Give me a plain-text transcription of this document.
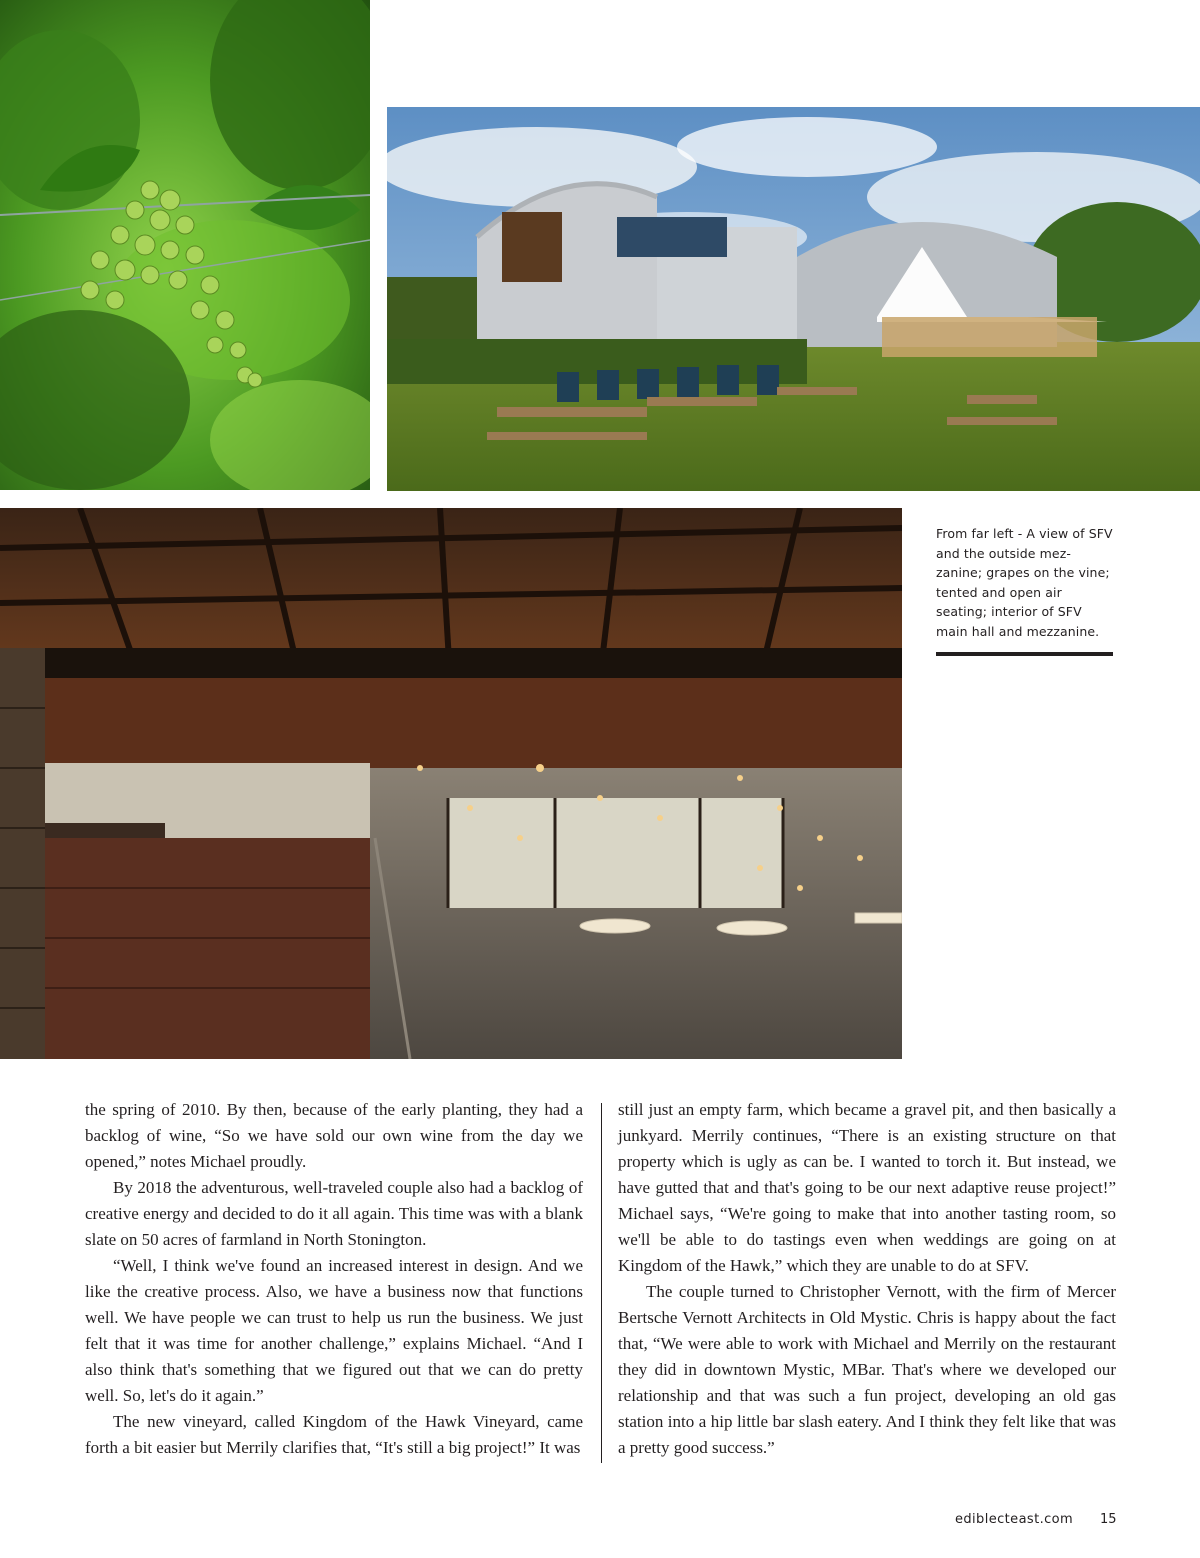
From far left - A view of SFV and the outside mez-zanine; grapes on the vine; tented and open air seating; interior of SFV main hall and mezzanine.

the spring of 2010. By then, because of the early planting, they had a backlog of wine, “So we have sold our own wine from the day we opened,” notes Michael proudly.

By 2018 the adventurous, well-traveled couple also had a backlog of creative energy and decided to do it all again. This time was with a blank slate on 50 acres of farmland in North Stonington.

“Well, I think we've found an increased interest in design. And we like the creative process. Also, we have a business now that functions well. We have people we can trust to help us run the business. We just felt that it was time for another challenge,” explains Michael. “And I also think that's something that we figured out that we can do pretty well. So, let's do it again.”

The new vineyard, called Kingdom of the Hawk Vineyard, came forth a bit easier but Merrily clarifies that, “It's still a big project!” It was

still just an empty farm, which became a gravel pit, and then basically a junkyard. Merrily continues, “There is an existing structure on that property which is ugly as can be. I wanted to torch it. But instead, we have gutted that and that's going to be our next adaptive reuse project!” Michael says, “We're going to make that into another tasting room, so we'll be able to do tastings even when weddings are going on at Kingdom of the Hawk,” which they are unable to do at SFV.

The couple turned to Christopher Vernott, with the firm of Mercer Bertsche Vernott Architects in Old Mystic. Chris is happy about the fact that, “We were able to work with Michael and Merrily on the restaurant they did in downtown Mystic, MBar. That's where we developed our relationship and that was such a fun project, developing an old gas station into a hip little bar slash eatery. And I think they felt like that was a pretty good success.”

ediblecteast.com 15
